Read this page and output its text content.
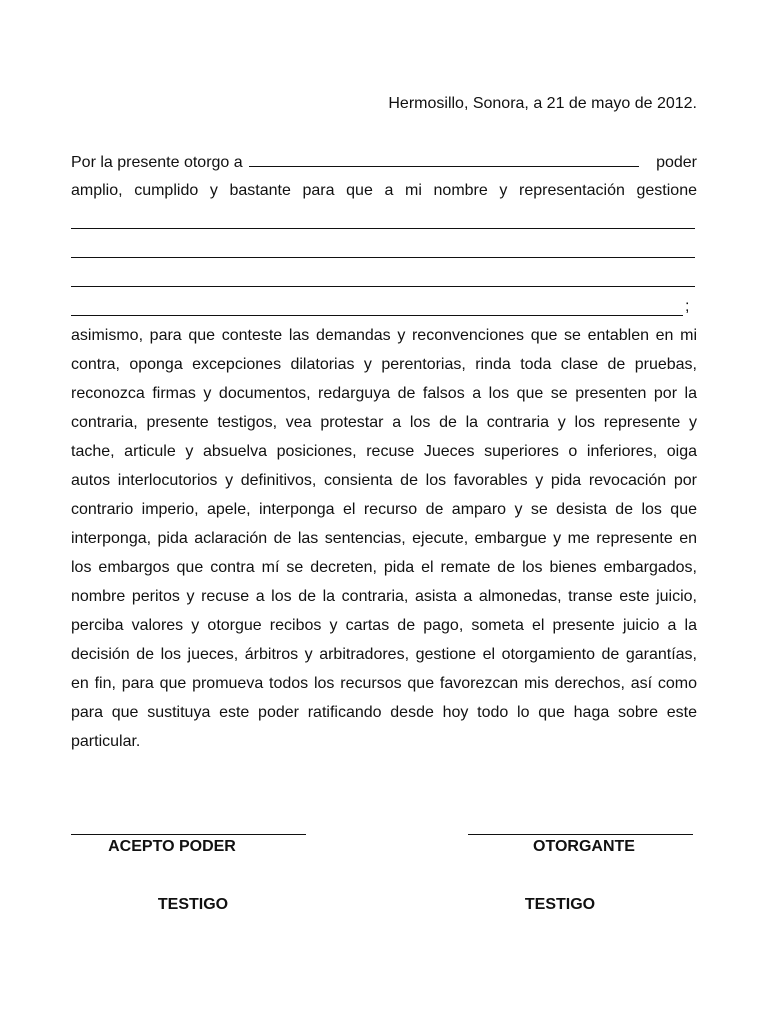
Hermosillo, Sonora, a 21 de mayo de 2012.
Por la presente otorgo a	poder
amplio, cumplido y bastante para que a mi nombre y representación gestione
;
asimismo, para que conteste las demandas y reconvenciones que se entablen en mi
contra, oponga excepciones dilatorias y perentorias, rinda toda clase de pruebas,
reconozca firmas y documentos, redarguya de falsos a los que se presenten por la
contraria, presente testigos, vea protestar a los de la contraria y los represente y
tache, articule y absuelva posiciones, recuse Jueces superiores o inferiores, oiga
autos interlocutorios y definitivos, consienta de los favorables y pida revocación por
contrario imperio, apele, interponga el recurso de amparo y se desista de los que
interponga, pida aclaración de las sentencias, ejecute, embargue y me represente en
los embargos que contra mí se decreten, pida el remate de los bienes embargados,
nombre peritos y recuse a los de la contraria, asista a almonedas, transe este juicio,
perciba valores y otorgue recibos y cartas de pago, someta el presente juicio a la
decisión de los jueces, árbitros y arbitradores, gestione el otorgamiento de garantías,
en fin, para que promueva todos los recursos que favorezcan mis derechos, así como
para que sustituya este poder ratificando desde hoy todo lo que haga sobre este
particular.
ACEPTO PODER	OTORGANTE
TESTIGO	TESTIGO
